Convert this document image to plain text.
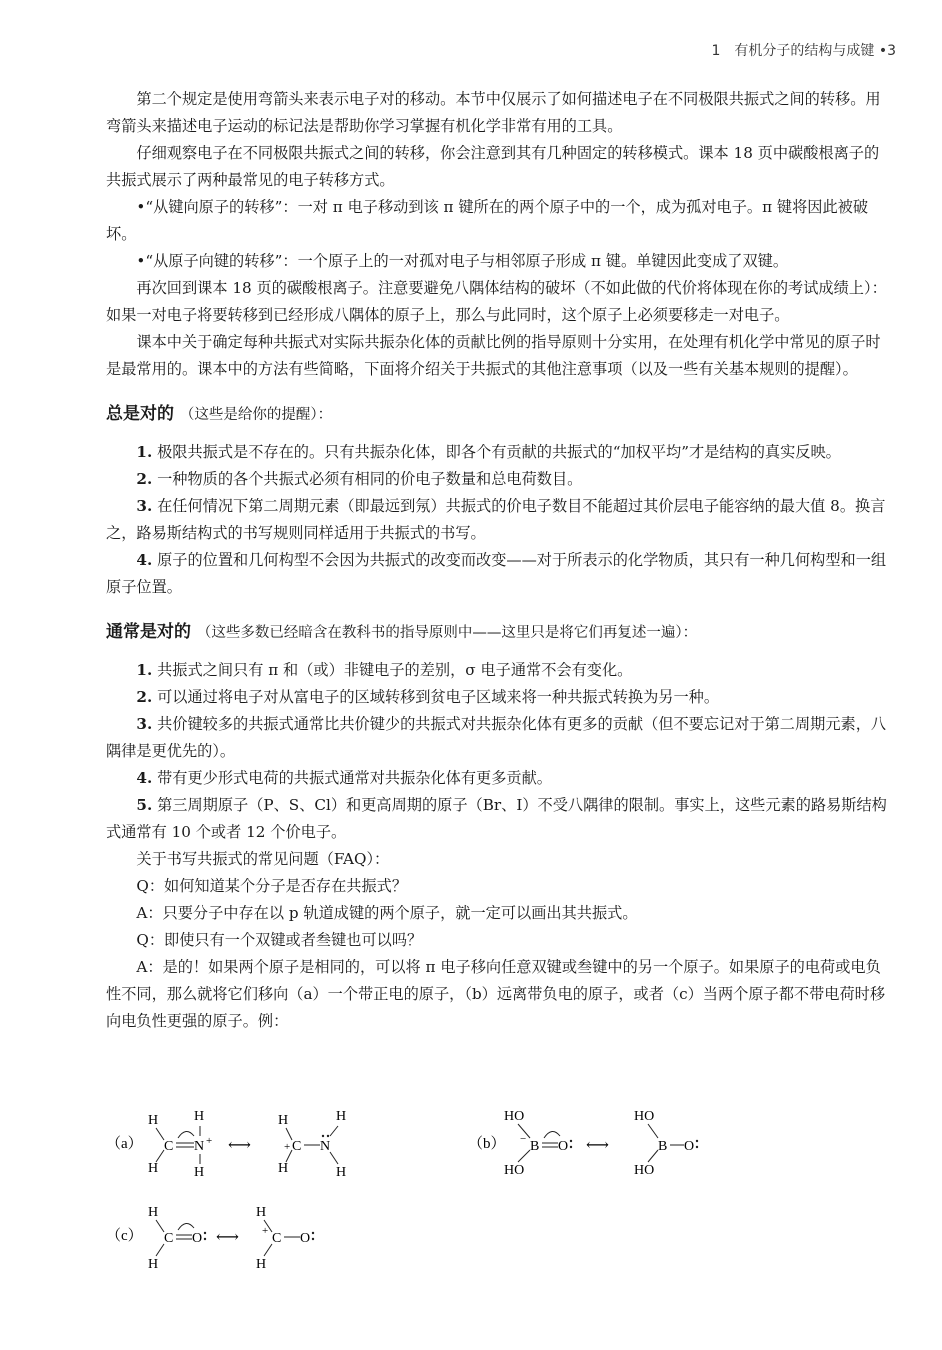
1　有机分子的结构与成键 •3

第二个规定是使用弯箭头来表示电子对的移动。本节中仅展示了如何描述电子在不同极限共振式之间的转移。用弯箭头来描述电子运动的标记法是帮助你学习掌握有机化学非常有用的工具。

仔细观察电子在不同极限共振式之间的转移，你会注意到其有几种固定的转移模式。课本 18 页中碳酸根离子的共振式展示了两种最常见的电子转移方式。

•“从键向原子的转移”：一对 π 电子移动到该 π 键所在的两个原子中的一个，成为孤对电子。π 键将因此被破坏。

•“从原子向键的转移”：一个原子上的一对孤对电子与相邻原子形成 π 键。单键因此变成了双键。

再次回到课本 18 页的碳酸根离子。注意要避免八隅体结构的破坏（不如此做的代价将体现在你的考试成绩上）：如果一对电子将要转移到已经形成八隅体的原子上，那么与此同时，这个原子上必须要移走一对电子。

课本中关于确定每种共振式对实际共振杂化体的贡献比例的指导原则十分实用，在处理有机化学中常见的原子时是最常用的。课本中的方法有些简略，下面将介绍关于共振式的其他注意事项（以及一些有关基本规则的提醒）。

总是对的 （这些是给你的提醒）：

1. 极限共振式是不存在的。只有共振杂化体，即各个有贡献的共振式的“加权平均”才是结构的真实反映。

2. 一种物质的各个共振式必须有相同的价电子数量和总电荷数目。

3. 在任何情况下第二周期元素（即最远到氖）共振式的价电子数目不能超过其价层电子能容纳的最大值 8。换言之，路易斯结构式的书写规则同样适用于共振式的书写。

4. 原子的位置和几何构型不会因为共振式的改变而改变——对于所表示的化学物质，其只有一种几何构型和一组原子位置。

通常是对的 （这些多数已经暗含在教科书的指导原则中——这里只是将它们再复述一遍）：

1. 共振式之间只有 π 和（或）非键电子的差别，σ 电子通常不会有变化。

2. 可以通过将电子对从富电子的区域转移到贫电子区域来将一种共振式转换为另一种。

3. 共价键较多的共振式通常比共价键少的共振式对共振杂化体有更多的贡献（但不要忘记对于第二周期元素，八隅律是更优先的）。

4. 带有更少形式电荷的共振式通常对共振杂化体有更多贡献。

5. 第三周期原子（P、S、Cl）和更高周期的原子（Br、I）不受八隅律的限制。事实上，这些元素的路易斯结构式通常有 10 个或者 12 个价电子。

关于书写共振式的常见问题（FAQ）：

Q：如何知道某个分子是否存在共振式？

A：只要分子中存在以 p 轨道成键的两个原子，就一定可以画出其共振式。

Q：即使只有一个双键或者叁键也可以吗？

A：是的！如果两个原子是相同的，可以将 π 电子移向任意双键或叁键中的另一个原子。如果原子的电荷或电负性不同，那么就将它们移向（a）一个带正电的原子，（b）远离带负电的原子，或者（c）当两个原子都不带电荷时移向电负性更强的原子。例：

（a）
H
H
C N +
H
H
⟷
H
H
+ C N
H
H
（b）
HO
HO
− B O ⟷
HO
HO
B O
（c）
H
H
C O ⟷
H
H
+ C O
